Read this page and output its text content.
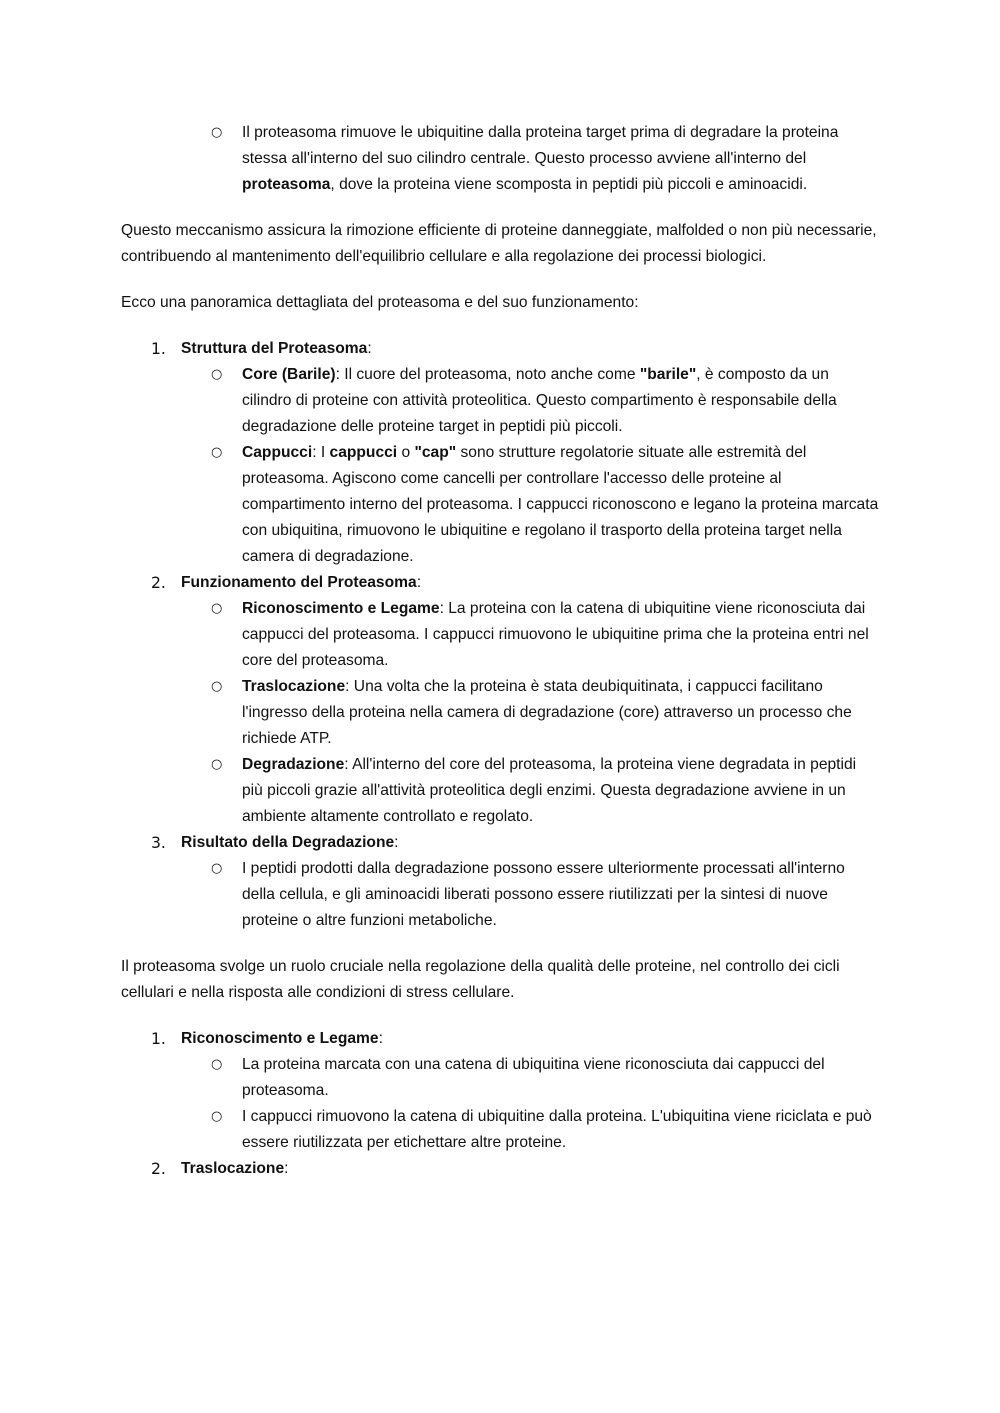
○ Il proteasoma rimuove le ubiquitine dalla proteina target prima di degradare la proteina stessa all'interno del suo cilindro centrale. Questo processo avviene all'interno del proteasoma, dove la proteina viene scomposta in peptidi più piccoli e aminoacidi.

Questo meccanismo assicura la rimozione efficiente di proteine danneggiate, malfolded o non più necessarie, contribuendo al mantenimento dell'equilibrio cellulare e alla regolazione dei processi biologici.

Ecco una panoramica dettagliata del proteasoma e del suo funzionamento:

1. Struttura del Proteasoma:
○ Core (Barile): Il cuore del proteasoma, noto anche come "barile", è composto da un cilindro di proteine con attività proteolitica. Questo compartimento è responsabile della degradazione delle proteine target in peptidi più piccoli.
○ Cappucci: I cappucci o "cap" sono strutture regolatorie situate alle estremità del proteasoma. Agiscono come cancelli per controllare l'accesso delle proteine al compartimento interno del proteasoma. I cappucci riconoscono e legano la proteina marcata con ubiquitina, rimuovono le ubiquitine e regolano il trasporto della proteina target nella camera di degradazione.
2. Funzionamento del Proteasoma:
○ Riconoscimento e Legame: La proteina con la catena di ubiquitine viene riconosciuta dai cappucci del proteasoma. I cappucci rimuovono le ubiquitine prima che la proteina entri nel core del proteasoma.
○ Traslocazione: Una volta che la proteina è stata deubiquitinata, i cappucci facilitano l'ingresso della proteina nella camera di degradazione (core) attraverso un processo che richiede ATP.
○ Degradazione: All'interno del core del proteasoma, la proteina viene degradata in peptidi più piccoli grazie all'attività proteolitica degli enzimi. Questa degradazione avviene in un ambiente altamente controllato e regolato.
3. Risultato della Degradazione:
○ I peptidi prodotti dalla degradazione possono essere ulteriormente processati all'interno della cellula, e gli aminoacidi liberati possono essere riutilizzati per la sintesi di nuove proteine o altre funzioni metaboliche.

Il proteasoma svolge un ruolo cruciale nella regolazione della qualità delle proteine, nel controllo dei cicli cellulari e nella risposta alle condizioni di stress cellulare.

1. Riconoscimento e Legame:
○ La proteina marcata con una catena di ubiquitina viene riconosciuta dai cappucci del proteasoma.
○ I cappucci rimuovono la catena di ubiquitine dalla proteina. L'ubiquitina viene riciclata e può essere riutilizzata per etichettare altre proteine.
2. Traslocazione:
